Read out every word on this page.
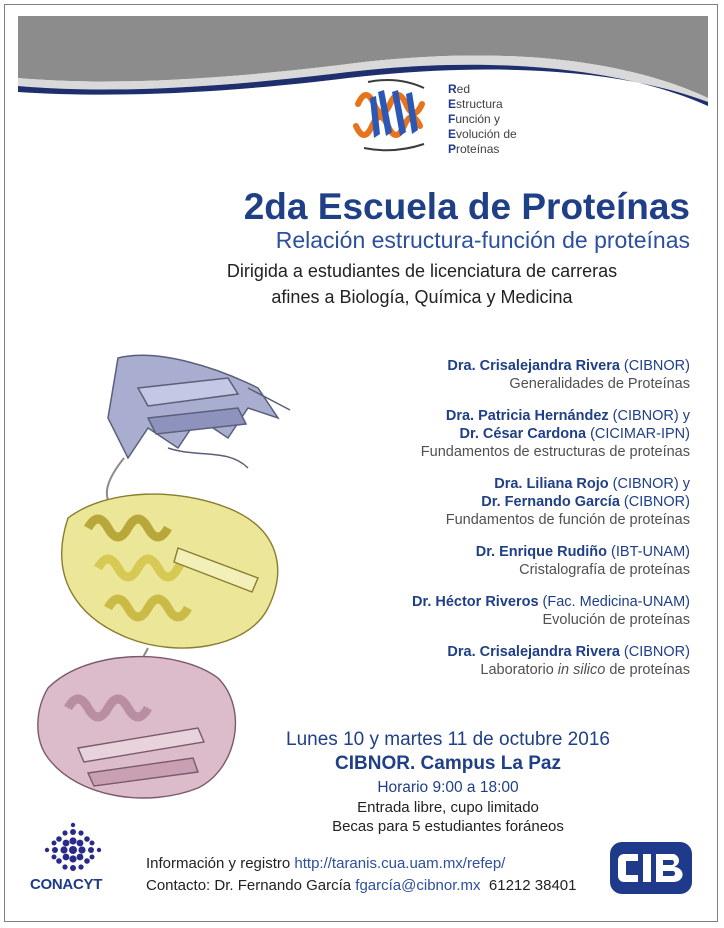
Red
Estructura
Función y
Evolución de
Proteínas
2da Escuela de Proteínas
Relación estructura-función de proteínas
Dirigida a estudiantes de licenciatura de carreras
afines a Biología, Química y Medicina
Dra. Crisalejandra Rivera (CIBNOR)
Generalidades de Proteínas
Dra. Patricia Hernández (CIBNOR) y
Dr. César Cardona (CICIMAR-IPN)
Fundamentos de estructuras de proteínas
Dra. Liliana Rojo (CIBNOR) y
Dr. Fernando García (CIBNOR)
Fundamentos de función de proteínas
Dr. Enrique Rudiño (IBT-UNAM)
Cristalografía de proteínas
Dr. Héctor Riveros (Fac. Medicina-UNAM)
Evolución de proteínas
Dra. Crisalejandra Rivera (CIBNOR)
Laboratorio in silico de proteínas
Lunes 10 y martes 11 de octubre 2016
CIBNOR. Campus La Paz
Horario 9:00 a 18:00
Entrada libre, cupo limitado
Becas para 5 estudiantes foráneos
CONACYT
Información y registro http://taranis.cua.uam.mx/refep/
Contacto: Dr. Fernando García fgarcía@cibnor.mx 61212 38401
